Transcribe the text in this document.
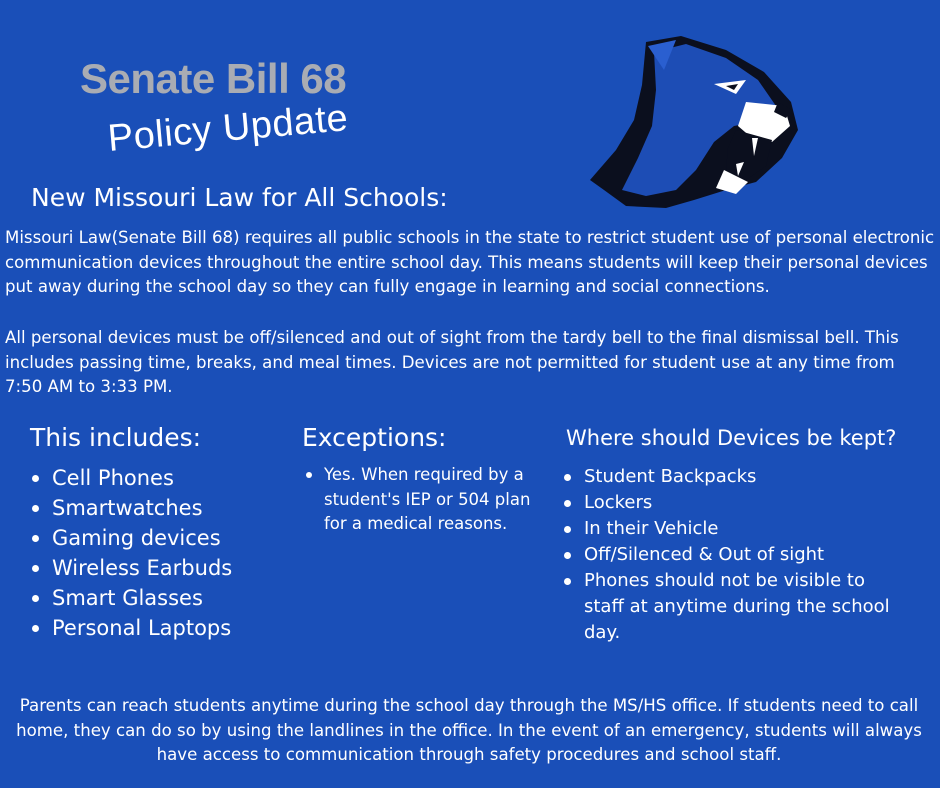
Senate Bill 68
Policy Update
New Missouri Law for All Schools:

Missouri Law(Senate Bill 68) requires all public schools in the state to restrict student use of personal electronic communication devices throughout the entire school day. This means students will keep their personal devices put away during the school day so they can fully engage in learning and social connections.

All personal devices must be off/silenced and out of sight from the tardy bell to the final dismissal bell. This includes passing time, breaks, and meal times. Devices are not permitted for student use at any time from 7:50 AM to 3:33 PM.

This includes:
Cell Phones
Smartwatches
Gaming devices
Wireless Earbuds
Smart Glasses
Personal Laptops
Exceptions:
Yes. When required by a student's IEP or 504 plan for a medical reasons.
Where should Devices be kept?
Student Backpacks
Lockers
In their Vehicle
Off/Silenced & Out of sight
Phones should not be visible to staff at anytime during the school day.

Parents can reach students anytime during the school day through the MS/HS office. If students need to call home, they can do so by using the landlines in the office. In the event of an emergency, students will always have access to communication through safety procedures and school staff.
